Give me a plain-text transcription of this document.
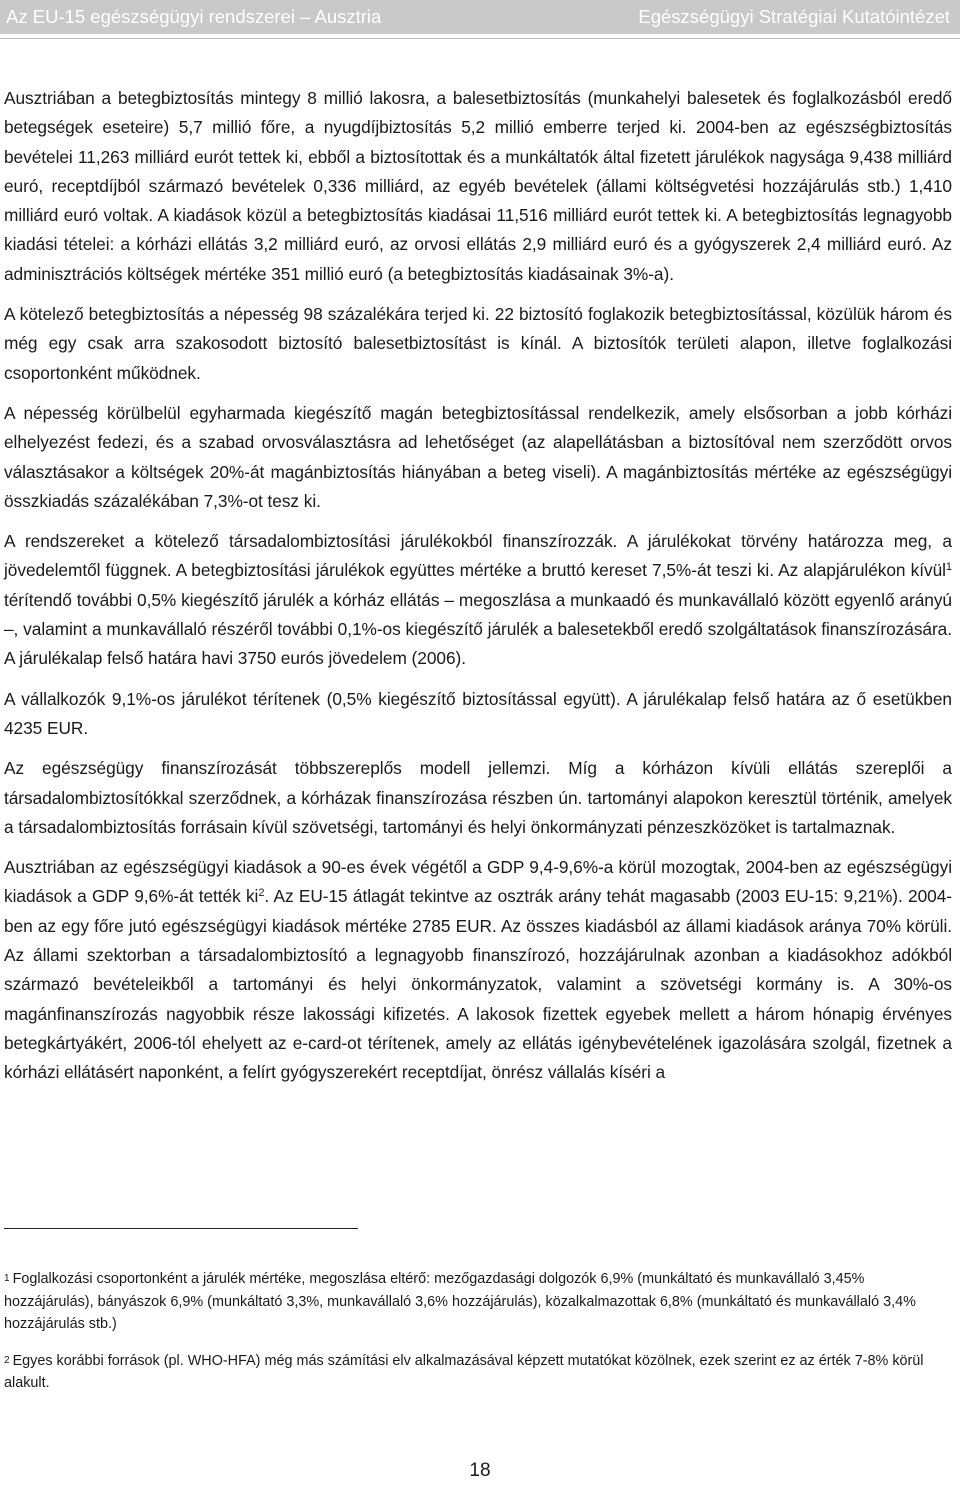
Az EU-15 egészségügyi rendszerei – Ausztria	Egészségügyi Stratégiai Kutatóintézet

Ausztriában a betegbiztosítás mintegy 8 millió lakosra, a balesetbiztosítás (munkahelyi balesetek és foglalkozásból eredő betegségek eseteire) 5,7 millió főre, a nyugdíjbiztosítás 5,2 millió emberre terjed ki. 2004-ben az egészségbiztosítás bevételei 11,263 milliárd eurót tettek ki, ebből a biztosítottak és a munkáltatók által fizetett járulékok nagysága 9,438 milliárd euró, receptdíjból származó bevételek 0,336 milliárd, az egyéb bevételek (állami költségvetési hozzájárulás stb.) 1,410 milliárd euró voltak. A kiadások közül a betegbiztosítás kiadásai 11,516 milliárd eurót tettek ki. A betegbiztosítás legnagyobb kiadási tételei: a kórházi ellátás 3,2 milliárd euró, az orvosi ellátás 2,9 milliárd euró és a gyógyszerek 2,4 milliárd euró. Az adminisztrációs költségek mértéke 351 millió euró (a betegbiztosítás kiadásainak 3%-a).

A kötelező betegbiztosítás a népesség 98 százalékára terjed ki. 22 biztosító foglakozik betegbiztosítással, közülük három és még egy csak arra szakosodott biztosító balesetbiztosítást is kínál. A biztosítók területi alapon, illetve foglalkozási csoportonként működnek.

A népesség körülbelül egyharmada kiegészítő magán betegbiztosítással rendelkezik, amely elsősorban a jobb kórházi elhelyezést fedezi, és a szabad orvosválasztásra ad lehetőséget (az alapellátásban a biztosítóval nem szerződött orvos választásakor a költségek 20%-át magánbiztosítás hiányában a beteg viseli). A magánbiztosítás mértéke az egészségügyi összkiadás százalékában 7,3%-ot tesz ki.

A rendszereket a kötelező társadalombiztosítási járulékokból finanszírozzák. A járulékokat törvény határozza meg, a jövedelemtől függnek. A betegbiztosítási járulékok együttes mértéke a bruttó kereset 7,5%-át teszi ki. Az alapjárulékon kívül$^1$ térítendő további 0,5% kiegészítő járulék a kórház ellátás – megoszlása a munkaadó és munkavállaló között egyenlő arányú –, valamint a munkavállaló részéről további 0,1%-os kiegészítő járulék a balesetekből eredő szolgáltatások finanszírozására. A járulékalap felső határa havi 3750 eurós jövedelem (2006).

A vállalkozók 9,1%-os járulékot térítenek (0,5% kiegészítő biztosítással együtt). A járulékalap felső határa az ő esetükben 4235 EUR.

Az egészségügy finanszírozását többszereplős modell jellemzi. Míg a kórházon kívüli ellátás szereplői a társadalombiztosítókkal szerződnek, a kórházak finanszírozása részben ún. tartományi alapokon keresztül történik, amelyek a társadalombiztosítás forrásain kívül szövetségi, tartományi és helyi önkormányzati pénzeszközöket is tartalmaznak.

Ausztriában az egészségügyi kiadások a 90-es évek végétől a GDP 9,4-9,6%-a körül mozogtak, 2004-ben az egészségügyi kiadások a GDP 9,6%-át tették $ki^2$. Az EU-15 átlagát tekintve az osztrák arány tehát magasabb (2003 EU-15: 9,21%). 2004-ben az egy főre jutó egészségügyi kiadások mértéke 2785 EUR. Az összes kiadásból az állami kiadások aránya 70% körüli. Az állami szektorban a társadalombiztosító a legnagyobb finanszírozó, hozzájárulnak azonban a kiadásokhoz adókból származó bevételeikből a tartományi és helyi önkormányzatok, valamint a szövetségi kormány is. A 30%-os magánfinanszírozás nagyobbik része lakossági kifizetés. A lakosok fizettek egyebek mellett a három hónapig érvényes betegkártyákért, 2006-tól ehelyett az e-card-ot térítenek, amely az ellátás igénybevételének igazolására szolgál, fizetnek a kórházi ellátásért naponként, a felírt gyógyszerekért receptdíjat, önrész vállalás kíséri a

1 Foglalkozási csoportonként a járulék mértéke, megoszlása eltérő: mezőgazdasági dolgozók 6,9% (munkáltató és munkavállaló 3,45% hozzájárulás), bányászok 6,9% (munkáltató 3,3%, munkavállaló 3,6% hozzájárulás), közalkalmazottak 6,8% (munkáltató és munkavállaló 3,4% hozzájárulás stb.)
2 Egyes korábbi források (pl. WHO-HFA) még más számítási elv alkalmazásával képzett mutatókat közölnek, ezek szerint ez az érték 7-8% körül alakult.
18
